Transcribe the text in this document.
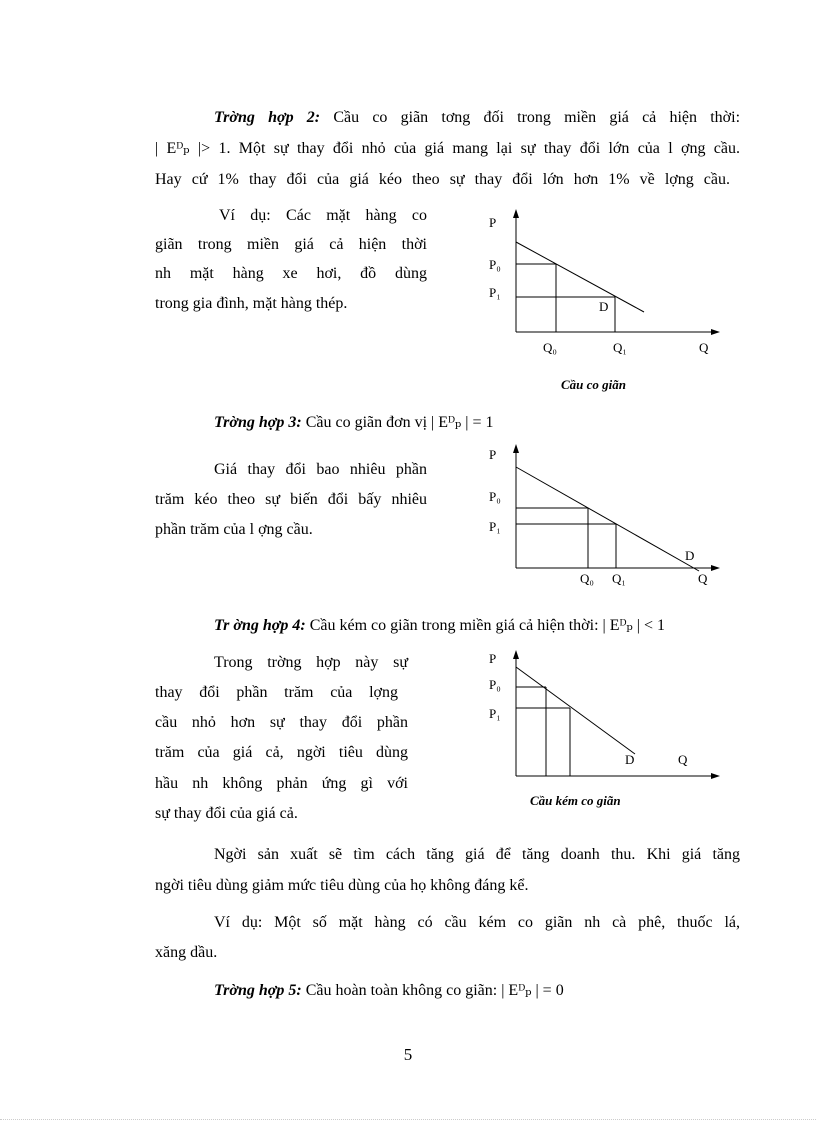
Trờng hợp 2: Cầu co giãn tơng đối trong miền giá cả hiện thời:
| Eᴰₚ |> 1. Một sự thay đổi nhỏ của giá mang lại sự thay đổi lớn của l ợng cầu.
Hay cứ 1% thay đổi của giá kéo theo sự thay đổi lớn hơn 1% về lợng cầu.
Ví dụ: Các mặt hàng co
giãn trong miền giá cả hiện thời
nh mặt hàng xe hơi, đồ dùng
trong gia đình, mặt hàng thép.
P
P₀
P₁
D
Q₀	Q₁	Q
Cầu co giãn
Trờng hợp 3: Cầu co giãn đơn vị | Eᴰₚ | = 1
Giá thay đổi bao nhiêu phần
trăm kéo theo sự biến đổi bấy nhiêu
phần trăm của l ợng cầu.
P
P₀
P₁
D
Q₀ Q₁	Q
Tr ờng hợp 4: Cầu kém co giãn trong miền giá cả hiện thời: | Eᴰₚ | < 1
Trong trờng hợp này sự
thay đổi phần trăm của lợng
cầu nhỏ hơn sự thay đổi phần
trăm của giá cả, ngời tiêu dùng
hầu nh không phản ứng gì với
sự thay đổi của giá cả.
P
P₀
P₁
D	Q
Cầu kém co giãn
Ngời sản xuất sẽ tìm cách tăng giá để tăng doanh thu. Khi giá tăng
ngời tiêu dùng giảm mức tiêu dùng của họ không đáng kể.
Ví dụ: Một số mặt hàng có cầu kém co giãn nh cà phê, thuốc lá,
xăng dầu.
Trờng hợp 5: Cầu hoàn toàn không co giãn: | Eᴰₚ | = 0
5
